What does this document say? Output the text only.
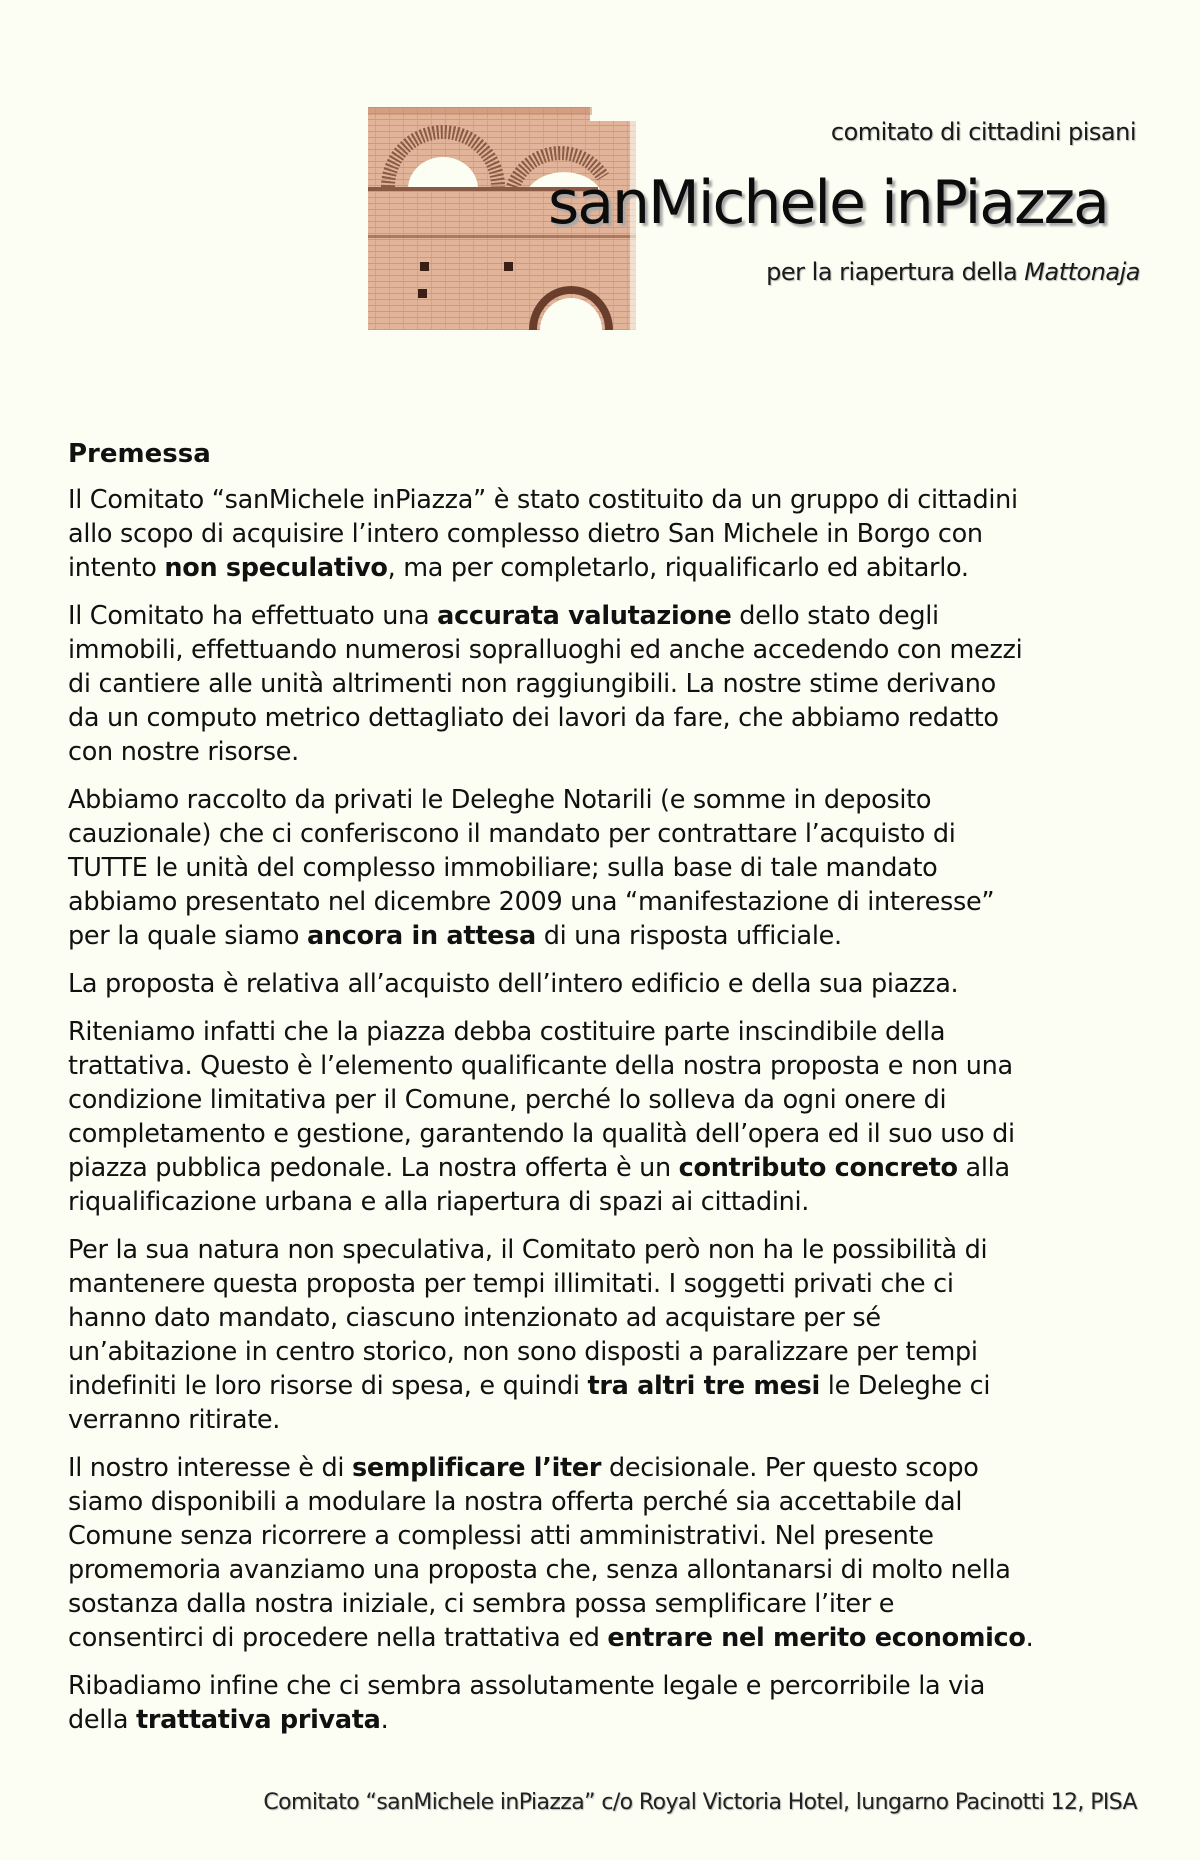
comitato di cittadini pisani
sanMichele inPiazza
per la riapertura della Mattonaja
Premessa
Il Comitato “sanMichele inPiazza” è stato costituito da un gruppo di cittadini
allo scopo di acquisire l’intero complesso dietro San Michele in Borgo con
intento non speculativo, ma per completarlo, riqualificarlo ed abitarlo.
Il Comitato ha effettuato una accurata valutazione dello stato degli
immobili, effettuando numerosi sopralluoghi ed anche accedendo con mezzi
di cantiere alle unità altrimenti non raggiungibili. La nostre stime derivano
da un computo metrico dettagliato dei lavori da fare, che abbiamo redatto
con nostre risorse.
Abbiamo raccolto da privati le Deleghe Notarili (e somme in deposito
cauzionale) che ci conferiscono il mandato per contrattare l’acquisto di
TUTTE le unità del complesso immobiliare; sulla base di tale mandato
abbiamo presentato nel dicembre 2009 una “manifestazione di interesse”
per la quale siamo ancora in attesa di una risposta ufficiale.
La proposta è relativa all’acquisto dell’intero edificio e della sua piazza.
Riteniamo infatti che la piazza debba costituire parte inscindibile della
trattativa. Questo è l’elemento qualificante della nostra proposta e non una
condizione limitativa per il Comune, perché lo solleva da ogni onere di
completamento e gestione, garantendo la qualità dell’opera ed il suo uso di
piazza pubblica pedonale. La nostra offerta è un contributo concreto alla
riqualificazione urbana e alla riapertura di spazi ai cittadini.
Per la sua natura non speculativa, il Comitato però non ha le possibilità di
mantenere questa proposta per tempi illimitati. I soggetti privati che ci
hanno dato mandato, ciascuno intenzionato ad acquistare per sé
un’abitazione in centro storico, non sono disposti a paralizzare per tempi
indefiniti le loro risorse di spesa, e quindi tra altri tre mesi le Deleghe ci
verranno ritirate.
Il nostro interesse è di semplificare l’iter decisionale. Per questo scopo
siamo disponibili a modulare la nostra offerta perché sia accettabile dal
Comune senza ricorrere a complessi atti amministrativi. Nel presente
promemoria avanziamo una proposta che, senza allontanarsi di molto nella
sostanza dalla nostra iniziale, ci sembra possa semplificare l’iter e
consentirci di procedere nella trattativa ed entrare nel merito economico.
Ribadiamo infine che ci sembra assolutamente legale e percorribile la via
della trattativa privata.
Comitato “sanMichele inPiazza” c/o Royal Victoria Hotel, lungarno Pacinotti 12, PISA
